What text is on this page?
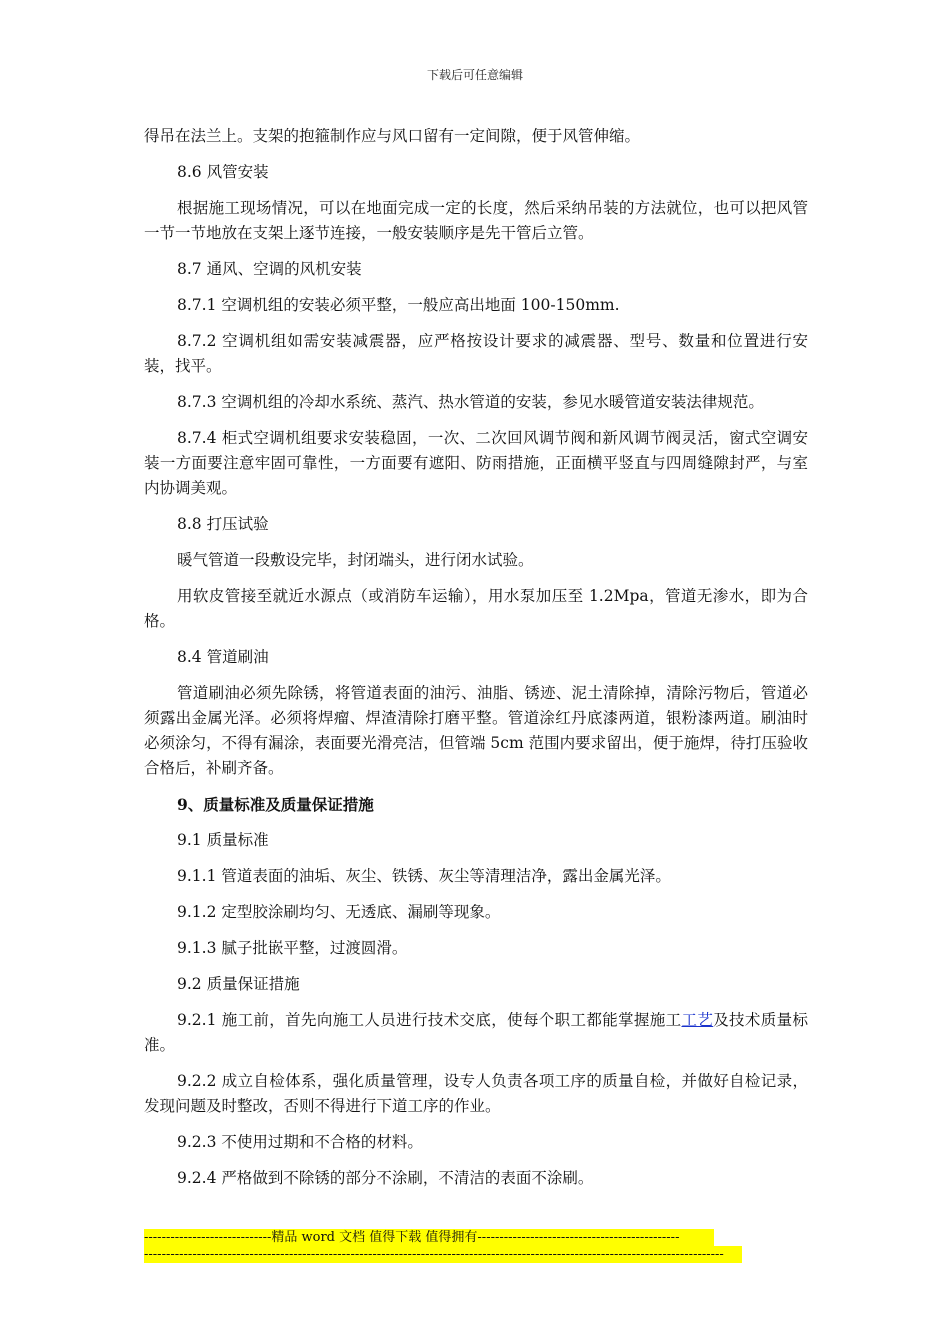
下载后可任意编辑

得吊在法兰上。支架的抱箍制作应与风口留有一定间隙，便于风管伸缩。

8.6 风管安装

根据施工现场情况，可以在地面完成一定的长度，然后采纳吊装的方法就位，也可以把风管一节一节地放在支架上逐节连接，一般安装顺序是先干管后立管。

8.7 通风、空调的风机安装

8.7.1 空调机组的安装必须平整，一般应高出地面 100-150mm.

8.7.2 空调机组如需安装减震器，应严格按设计要求的减震器、型号、数量和位置进行安装，找平。

8.7.3 空调机组的冷却水系统、蒸汽、热水管道的安装，参见水暖管道安装法律规范。

8.7.4 柜式空调机组要求安装稳固，一次、二次回风调节阀和新风调节阀灵活，窗式空调安装一方面要注意牢固可靠性，一方面要有遮阳、防雨措施，正面横平竖直与四周缝隙封严，与室内协调美观。

8.8 打压试验

暖气管道一段敷设完毕，封闭端头，进行闭水试验。

用软皮管接至就近水源点（或消防车运输），用水泵加压至 1.2Mpa，管道无渗水，即为合格。

8.4 管道刷油

管道刷油必须先除锈，将管道表面的油污、油脂、锈迹、泥土清除掉，清除污物后，管道必须露出金属光泽。必须将焊瘤、焊渣清除打磨平整。管道涂红丹底漆两道，银粉漆两道。刷油时必须涂匀，不得有漏涂，表面要光滑亮洁，但管端 5cm 范围内要求留出，便于施焊，待打压验收合格后，补刷齐备。

9、质量标准及质量保证措施

9.1 质量标准

9.1.1 管道表面的油垢、灰尘、铁锈、灰尘等清理洁净，露出金属光泽。

9.1.2 定型胶涂刷均匀、无透底、漏刷等现象。

9.1.3 腻子批嵌平整，过渡圆滑。

9.2 质量保证措施

9.2.1 施工前，首先向施工人员进行技术交底，使每个职工都能掌握施工工艺及技术质量标准。

9.2.2 成立自检体系，强化质量管理，设专人负责各项工序的质量自检，并做好自检记录，发现问题及时整改，否则不得进行下道工序的作业。

9.2.3 不使用过期和不合格的材料。

9.2.4 严格做到不除锈的部分不涂刷，不清洁的表面不涂刷。

-----------------------------精品 word 文档 值得下载 值得拥有----------------------------------------------
------------------------------------------------------------------------------------------------------------------------------------
